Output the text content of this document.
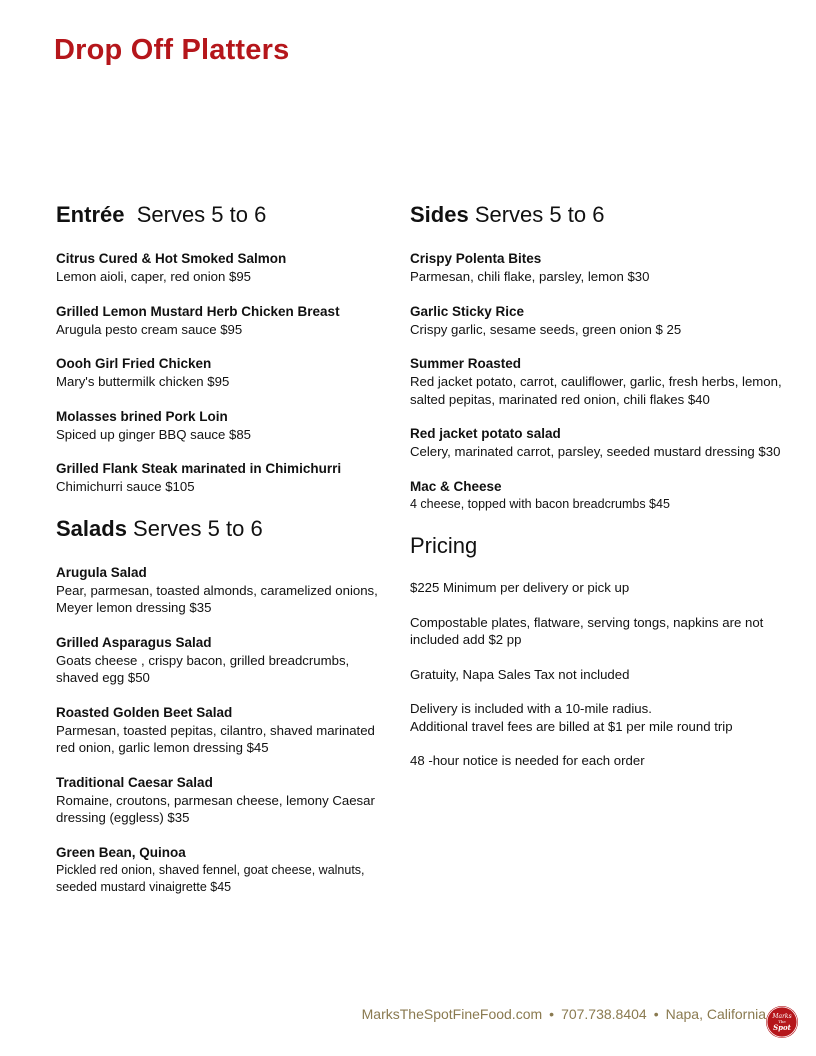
Drop Off Platters
Entrée  Serves 5 to 6
Citrus Cured & Hot Smoked Salmon
Lemon aioli, caper, red onion $95
Grilled Lemon Mustard Herb Chicken Breast
Arugula pesto cream sauce $95
Oooh Girl Fried Chicken
Mary's buttermilk chicken $95
Molasses brined Pork Loin
Spiced up ginger BBQ sauce $85
Grilled Flank Steak marinated in Chimichurri
Chimichurri sauce $105
Salads Serves 5 to 6
Arugula Salad
Pear, parmesan, toasted almonds, caramelized onions, Meyer lemon dressing $35
Grilled Asparagus Salad
Goats cheese , crispy bacon, grilled breadcrumbs, shaved egg $50
Roasted Golden Beet Salad
Parmesan, toasted pepitas, cilantro, shaved marinated red onion, garlic lemon dressing $45
Traditional Caesar Salad
Romaine, croutons, parmesan cheese, lemony Caesar dressing (eggless) $35
Green Bean, Quinoa
Pickled red onion, shaved fennel, goat cheese, walnuts, seeded mustard vinaigrette $45
Sides Serves 5 to 6
Crispy Polenta Bites
Parmesan, chili flake, parsley, lemon $30
Garlic Sticky Rice
Crispy garlic, sesame seeds, green onion $ 25
Summer Roasted
Red jacket potato, carrot, cauliflower, garlic, fresh herbs, lemon, salted pepitas, marinated red onion, chili flakes $40
Red jacket potato salad
Celery, marinated carrot, parsley, seeded mustard dressing $30
Mac & Cheese
4 cheese, topped with bacon breadcrumbs $45
Pricing
$225 Minimum per delivery or pick up
Compostable plates, flatware, serving tongs, napkins are not included add $2 pp
Gratuity, Napa Sales Tax not included
Delivery is included with a 10-mile radius.
Additional travel fees are billed at $1 per mile round trip
48 -hour notice is needed for each order
MarksTheSpotFineFood.com • 707.738.8404 • Napa, California Marks
The
Spot
